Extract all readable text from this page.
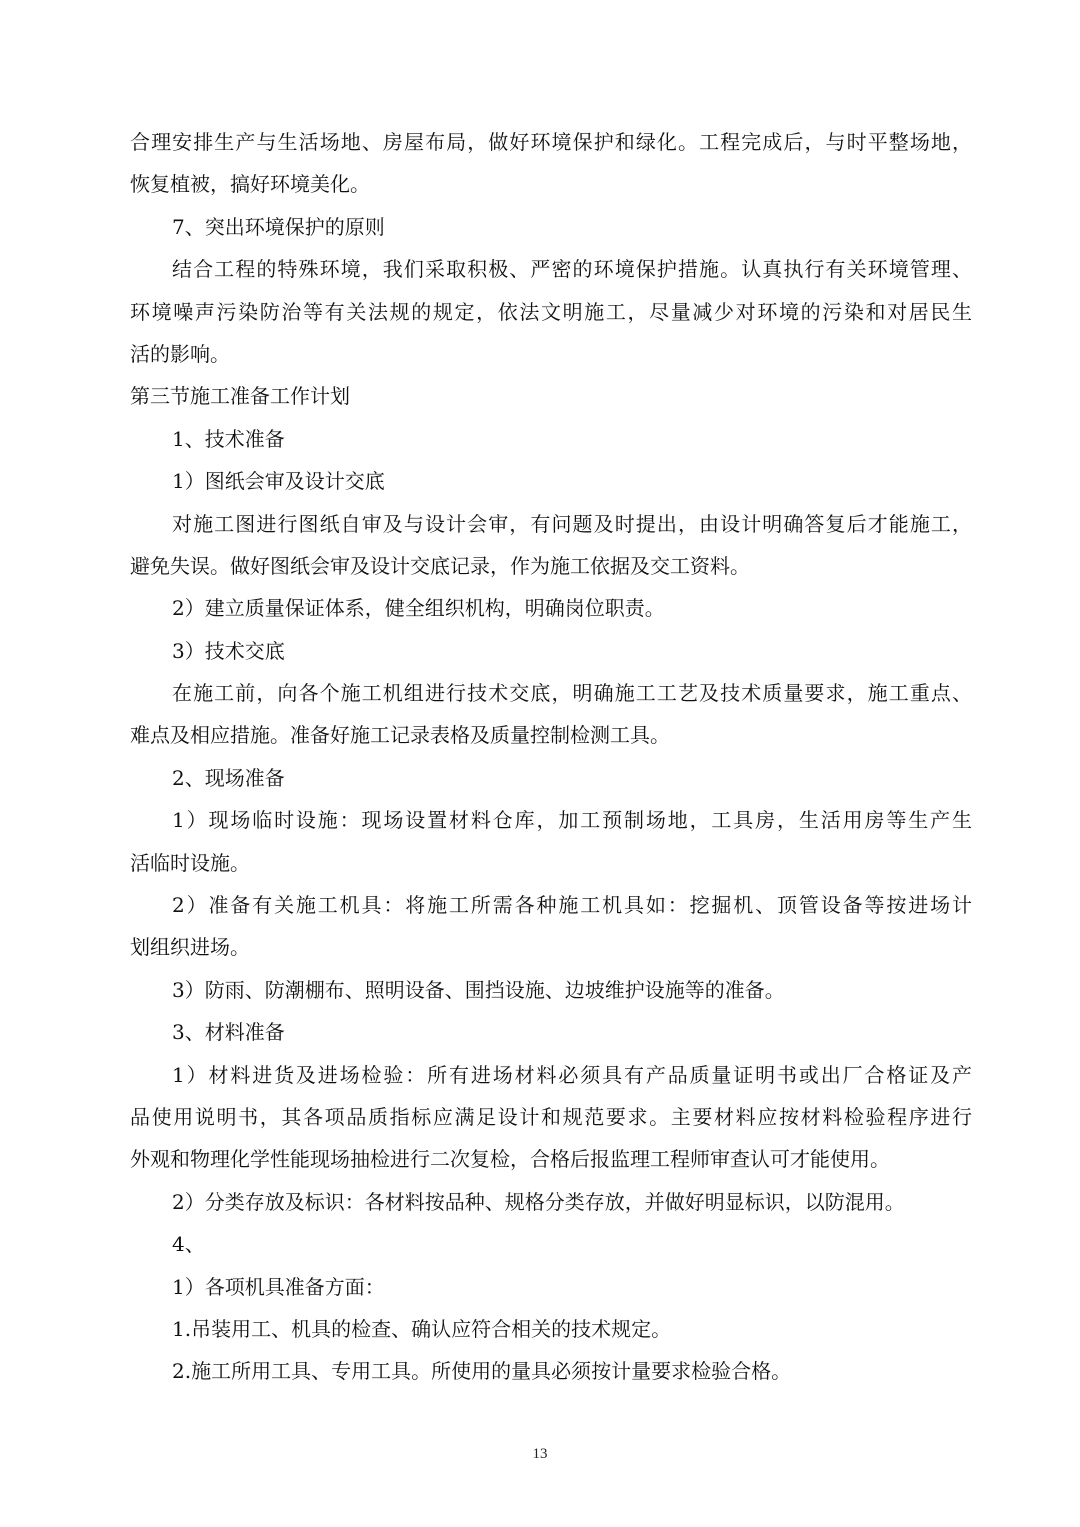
合理安排生产与生活场地、房屋布局，做好环境保护和绿化。工程完成后，与时平整场地，
恢复植被，搞好环境美化。
7、突出环境保护的原则
结合工程的特殊环境，我们采取积极、严密的环境保护措施。认真执行有关环境管理、
环境噪声污染防治等有关法规的规定，依法文明施工，尽量减少对环境的污染和对居民生
活的影响。
第三节施工准备工作计划
1、技术准备
1）图纸会审及设计交底
对施工图进行图纸自审及与设计会审，有问题及时提出，由设计明确答复后才能施工，
避免失误。做好图纸会审及设计交底记录，作为施工依据及交工资料。
2）建立质量保证体系，健全组织机构，明确岗位职责。
3）技术交底
在施工前，向各个施工机组进行技术交底，明确施工工艺及技术质量要求，施工重点、
难点及相应措施。准备好施工记录表格及质量控制检测工具。
2、现场准备
1）现场临时设施：现场设置材料仓库，加工预制场地，工具房，生活用房等生产生
活临时设施。
2）准备有关施工机具：将施工所需各种施工机具如：挖掘机、顶管设备等按进场计
划组织进场。
3）防雨、防潮棚布、照明设备、围挡设施、边坡维护设施等的准备。
3、材料准备
1）材料进货及进场检验：所有进场材料必须具有产品质量证明书或出厂合格证及产
品使用说明书，其各项品质指标应满足设计和规范要求。主要材料应按材料检验程序进行
外观和物理化学性能现场抽检进行二次复检，合格后报监理工程师审查认可才能使用。
2）分类存放及标识：各材料按品种、规格分类存放，并做好明显标识，以防混用。
4、
1）各项机具准备方面：
1.吊装用工、机具的检查、确认应符合相关的技术规定。
2.施工所用工具、专用工具。所使用的量具必须按计量要求检验合格。
13
